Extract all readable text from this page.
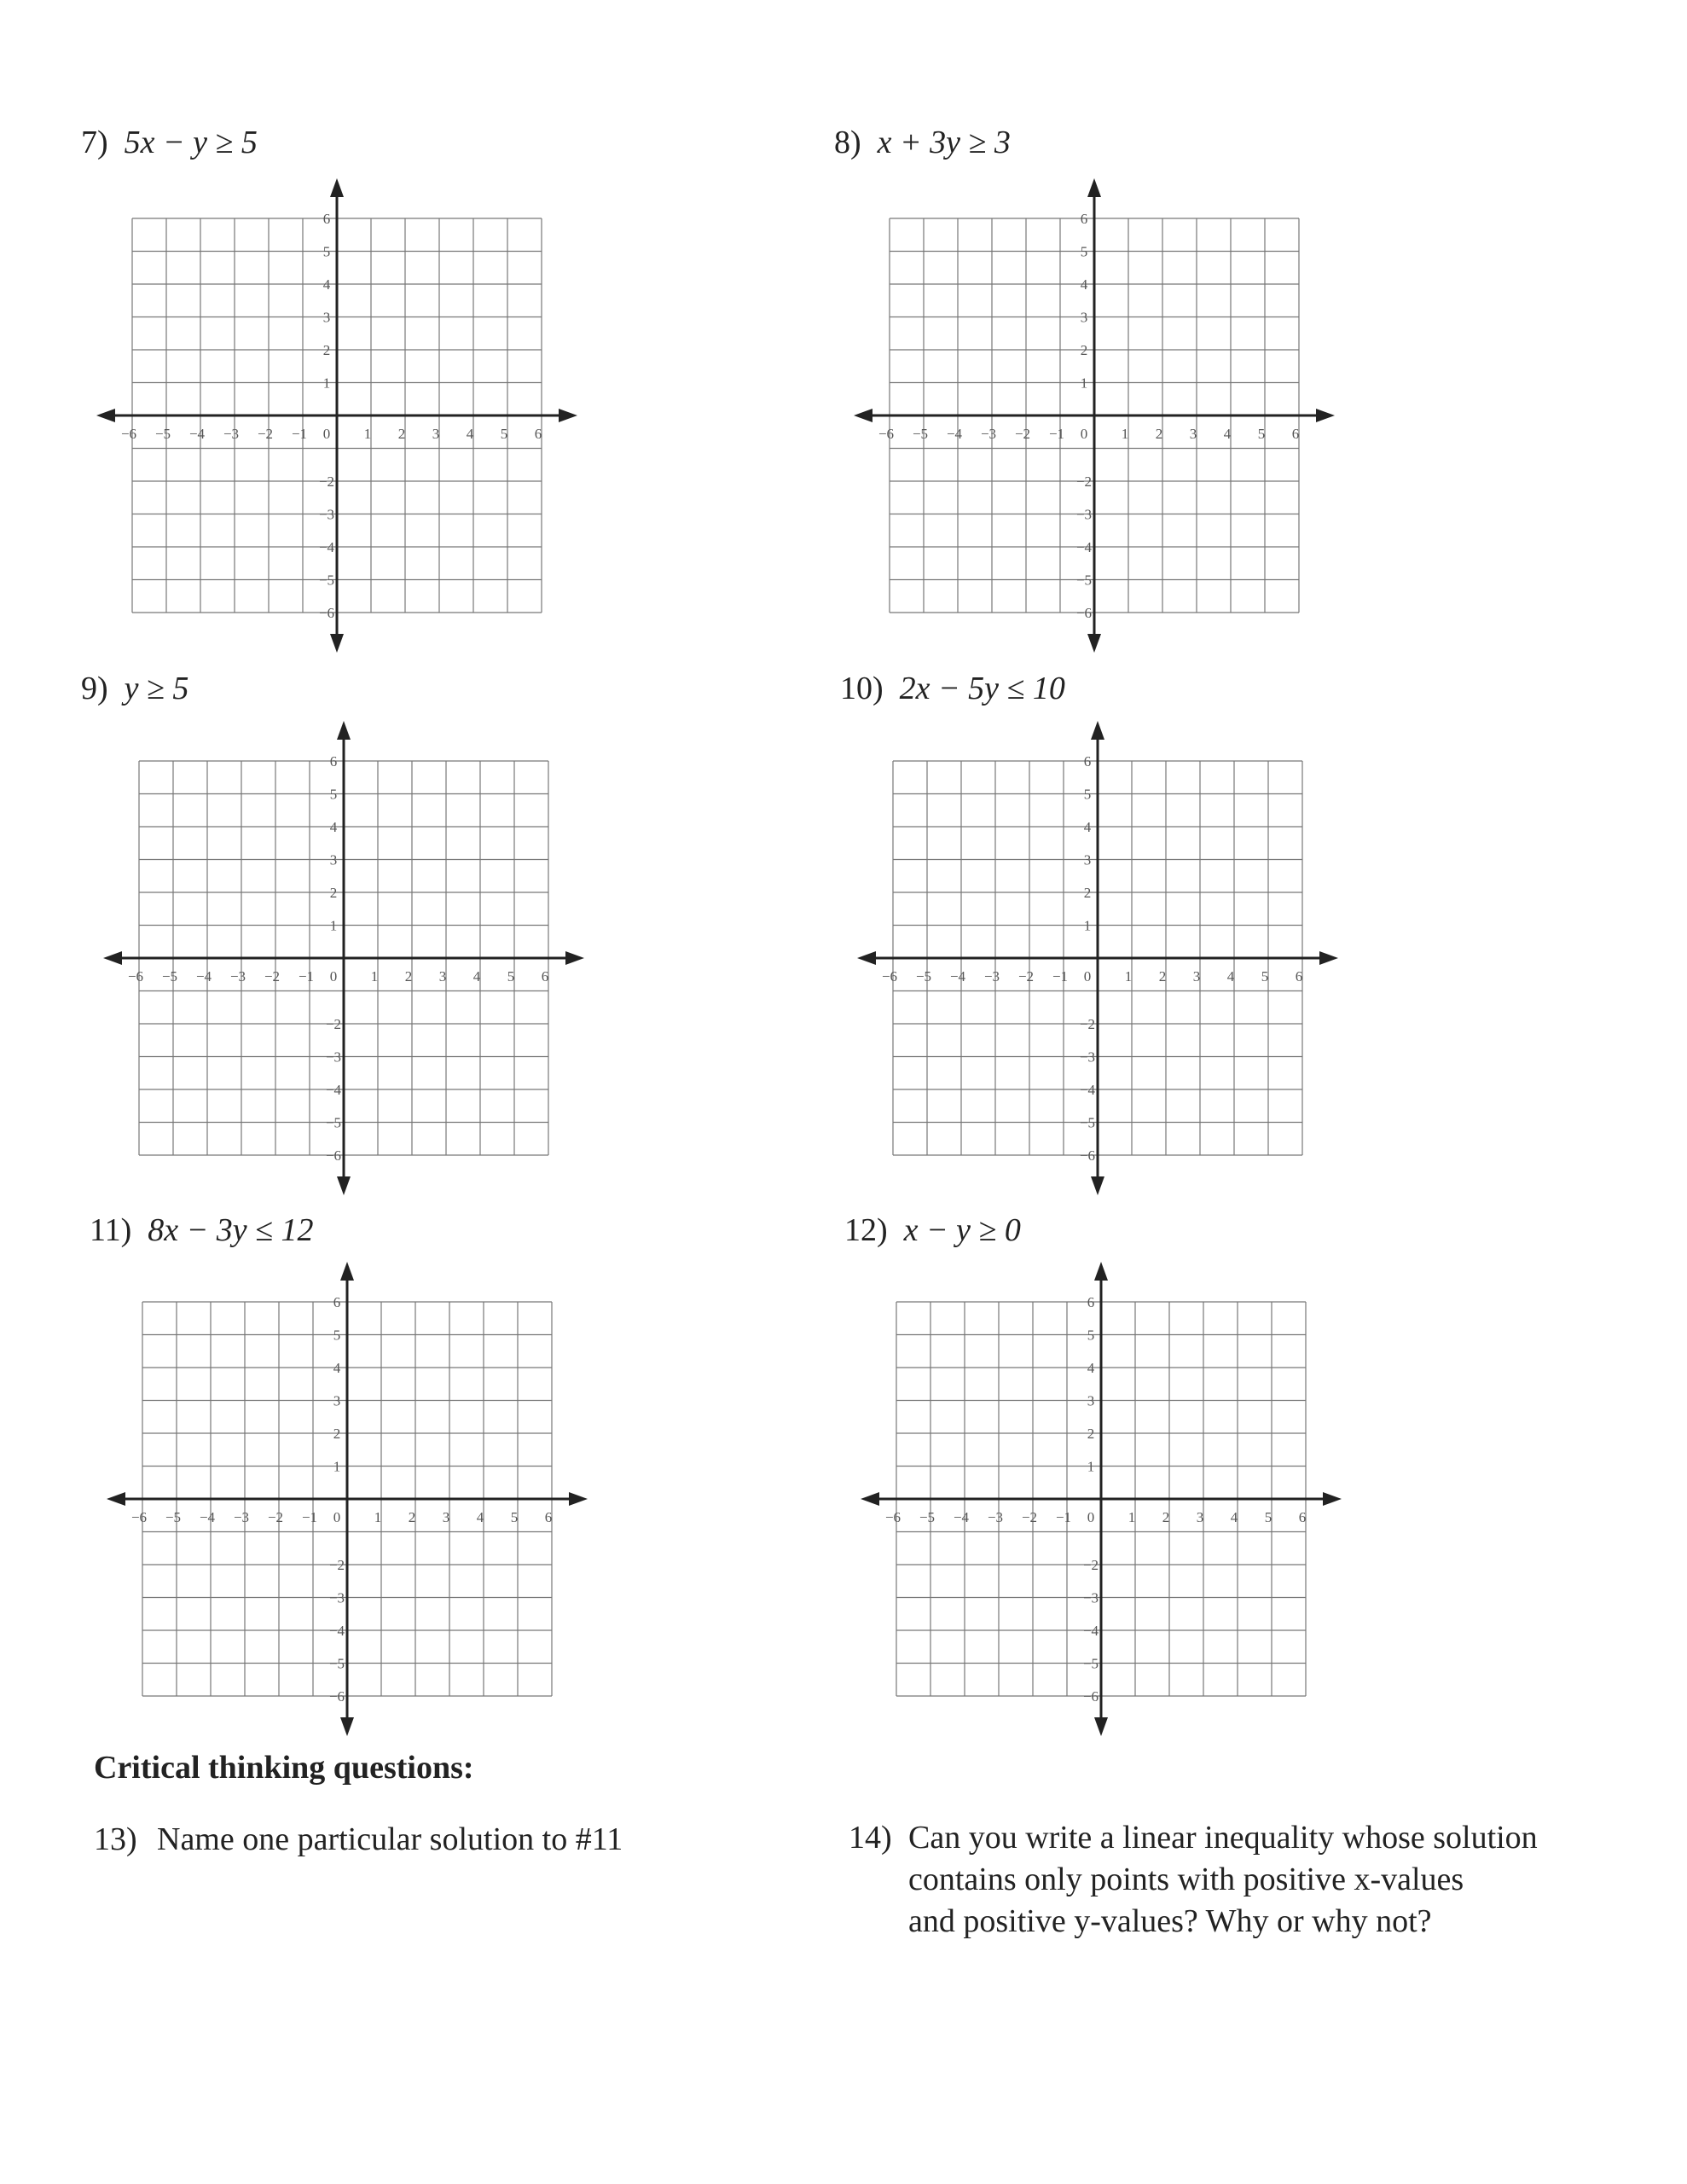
7) 5x − y ≥ 5	8) x + 3y ≥ 3
9) y ≥ 5	10) 2x − 5y ≤ 10
11) 8x − 3y ≤ 12	12) x − y ≥ 0
−6 −5 −4 −3 −2 −1 0 1 2 3 4 5 6
6
5
4
3
2
1
−2
−3
−4
−5
−6
−6 −5 −4 −3 −2 −1 0 1 2 3 4 5 6
6
5
4
3
2
1
−2
−3
−4
−5
−6
−6 −5 −4 −3 −2 −1 0 1 2 3 4 5 6
6
5
4
3
2
1
−2
−3
−4
−5
−6
−6 −5 −4 −3 −2 −1 0 1 2 3 4 5 6
6
5
4
3
2
1
−2
−3
−4
−5
−6
−6 −5 −4 −3 −2 −1 0 1 2 3 4 5 6
6
5
4
3
2
1
−2
−3
−4
−5
−6
−6 −5 −4 −3 −2 −1 0 1 2 3 4 5 6
6
5
4
3
2
1
−2
−3
−4
−5
−6
Critical thinking questions:
13) Name one particular solution to #11	14) Can you write a linear inequality whose solution
contains only points with positive x-values
and positive y-values? Why or why not?
